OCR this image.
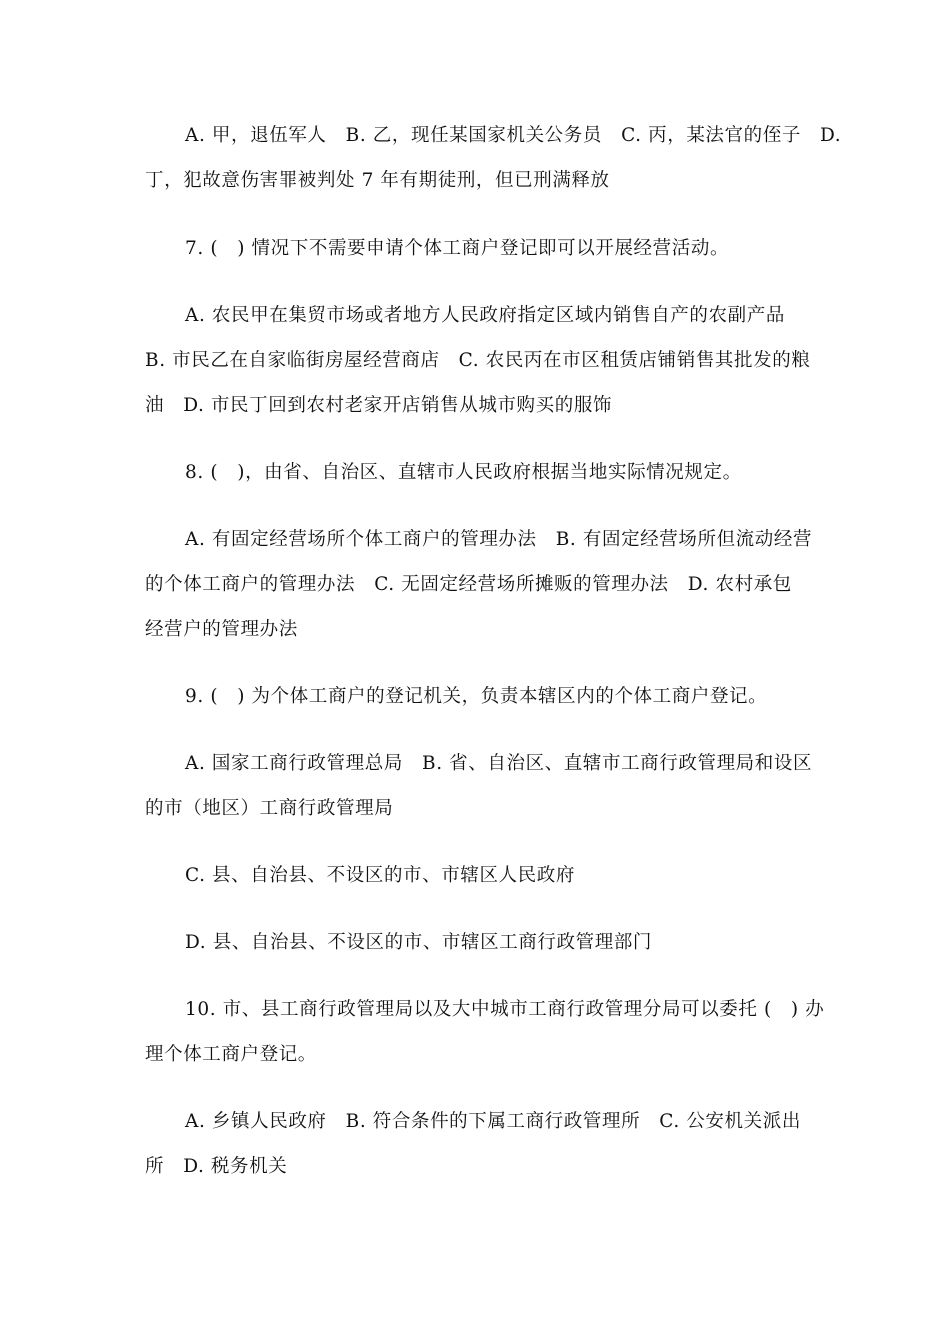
A. 甲，退伍军人　B. 乙，现任某国家机关公务员　C. 丙，某法官的侄子　D.
丁，犯故意伤害罪被判处 7 年有期徒刑，但已刑满释放

7. (　) 情况下不需要申请个体工商户登记即可以开展经营活动。

A. 农民甲在集贸市场或者地方人民政府指定区域内销售自产的农副产品
B. 市民乙在自家临街房屋经营商店　C. 农民丙在市区租赁店铺销售其批发的粮
油　D. 市民丁回到农村老家开店销售从城市购买的服饰

8. (　)，由省、自治区、直辖市人民政府根据当地实际情况规定。

A. 有固定经营场所个体工商户的管理办法　B. 有固定经营场所但流动经营
的个体工商户的管理办法　C. 无固定经营场所摊贩的管理办法　D. 农村承包
经营户的管理办法

9. (　) 为个体工商户的登记机关，负责本辖区内的个体工商户登记。

A. 国家工商行政管理总局　B. 省、自治区、直辖市工商行政管理局和设区
的市（地区）工商行政管理局

C. 县、自治县、不设区的市、市辖区人民政府

D. 县、自治县、不设区的市、市辖区工商行政管理部门

10. 市、县工商行政管理局以及大中城市工商行政管理分局可以委托 (　) 办
理个体工商户登记。

A. 乡镇人民政府　B. 符合条件的下属工商行政管理所　C. 公安机关派出
所　D. 税务机关
